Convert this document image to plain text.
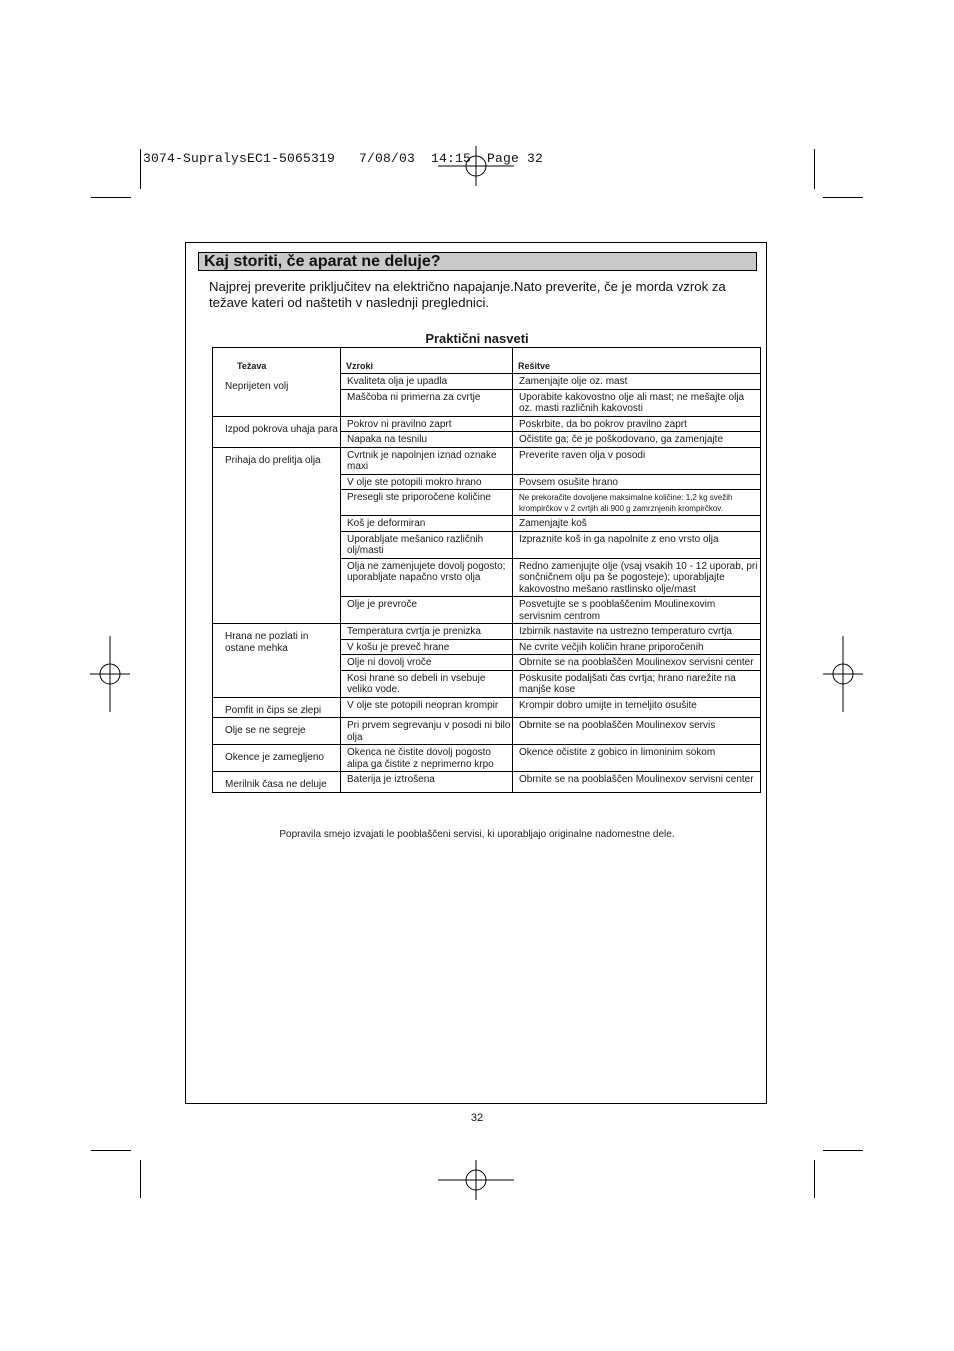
3074-SupralysEC1-5065319   7/08/03  14:15  Page 32
Kaj storiti, če aparat ne deluje?
Najprej preverite priključitev na električno napajanje.Nato preverite, če je morda vzrok za težave kateri od naštetih v naslednji preglednici.
Praktični nasveti
Težava	Vzroki	Rešitve
Neprijeten volj	Kvaliteta olja je upadla	Zamenjajte olje oz. mast
	Maščoba ni primerna za cvrtje	Uporabite kakovostno olje ali mast; ne mešajte olja oz. masti različnih kakovosti
Izpod pokrova uhaja para	Pokrov ni pravilno zaprt	Poskrbite, da bo pokrov pravilno zaprt
	Napaka na tesnilu	Očistite ga; če je poškodovano, ga zamenjajte
Prihaja do prelitja olja	Cvrtnik je napolnjen iznad oznake maxi	Preverite raven olja v posodi
	V olje ste potopili mokro hrano	Povsem osušite hrano
	Presegli ste priporočene količine	Ne prekoračite dovoljene maksimalne količine: 1,2 kg svežih krompirčkov v 2 cvrtjih ali 900 g zamrznjenih krompirčkov.
	Koš je deformiran	Zamenjajte koš
	Uporabljate mešanico različnih olj/masti	Izpraznite koš in ga napolnite z eno vrsto olja
	Olja ne zamenjujete dovolj pogosto; uporabljate napačno vrsto olja	Redno zamenjujte olje (vsaj vsakih 10 - 12 uporab, pri sončničnem olju pa še pogosteje); uporabljajte kakovostno mešano rastlinsko olje/mast
	Olje je prevroče	Posvetujte se s pooblaščenim Moulinexovim servisnim centrom
Hrana ne pozlati in ostane mehka	Temperatura cvrtja je prenizka	Izbirnik nastavite na ustrezno temperaturo cvrtja
	V košu je preveč hrane	Ne cvrite večjih količin hrane priporočenih
	Olje ni dovolj vroče	Obrnite se na pooblaščen Moulinexov servisni center
	Kosi hrane so debeli in vsebuje veliko vode.	Poskusite podaljšati čas cvrtja; hrano narežite na manjše kose
Pomfit in čips se zlepi	V olje ste potopili neopran krompir	Krompir dobro umijte in temeljito osušite
Olje se ne segreje	Pri prvem segrevanju v posodi ni bilo olja	Obrnite se na pooblaščen Moulinexov servis
Okence je zamegljeno	Okenca ne čistite dovolj pogosto alipa ga čistite z neprimerno krpo	Okence očistite z gobico in limoninim sokom
Merilnik časa ne deluje	Baterija je iztrošena	Obrnite se na pooblaščen Moulinexov servisni center
Popravila smejo izvajati le pooblaščeni servisi, ki uporabljajo originalne nadomestne dele.
32
